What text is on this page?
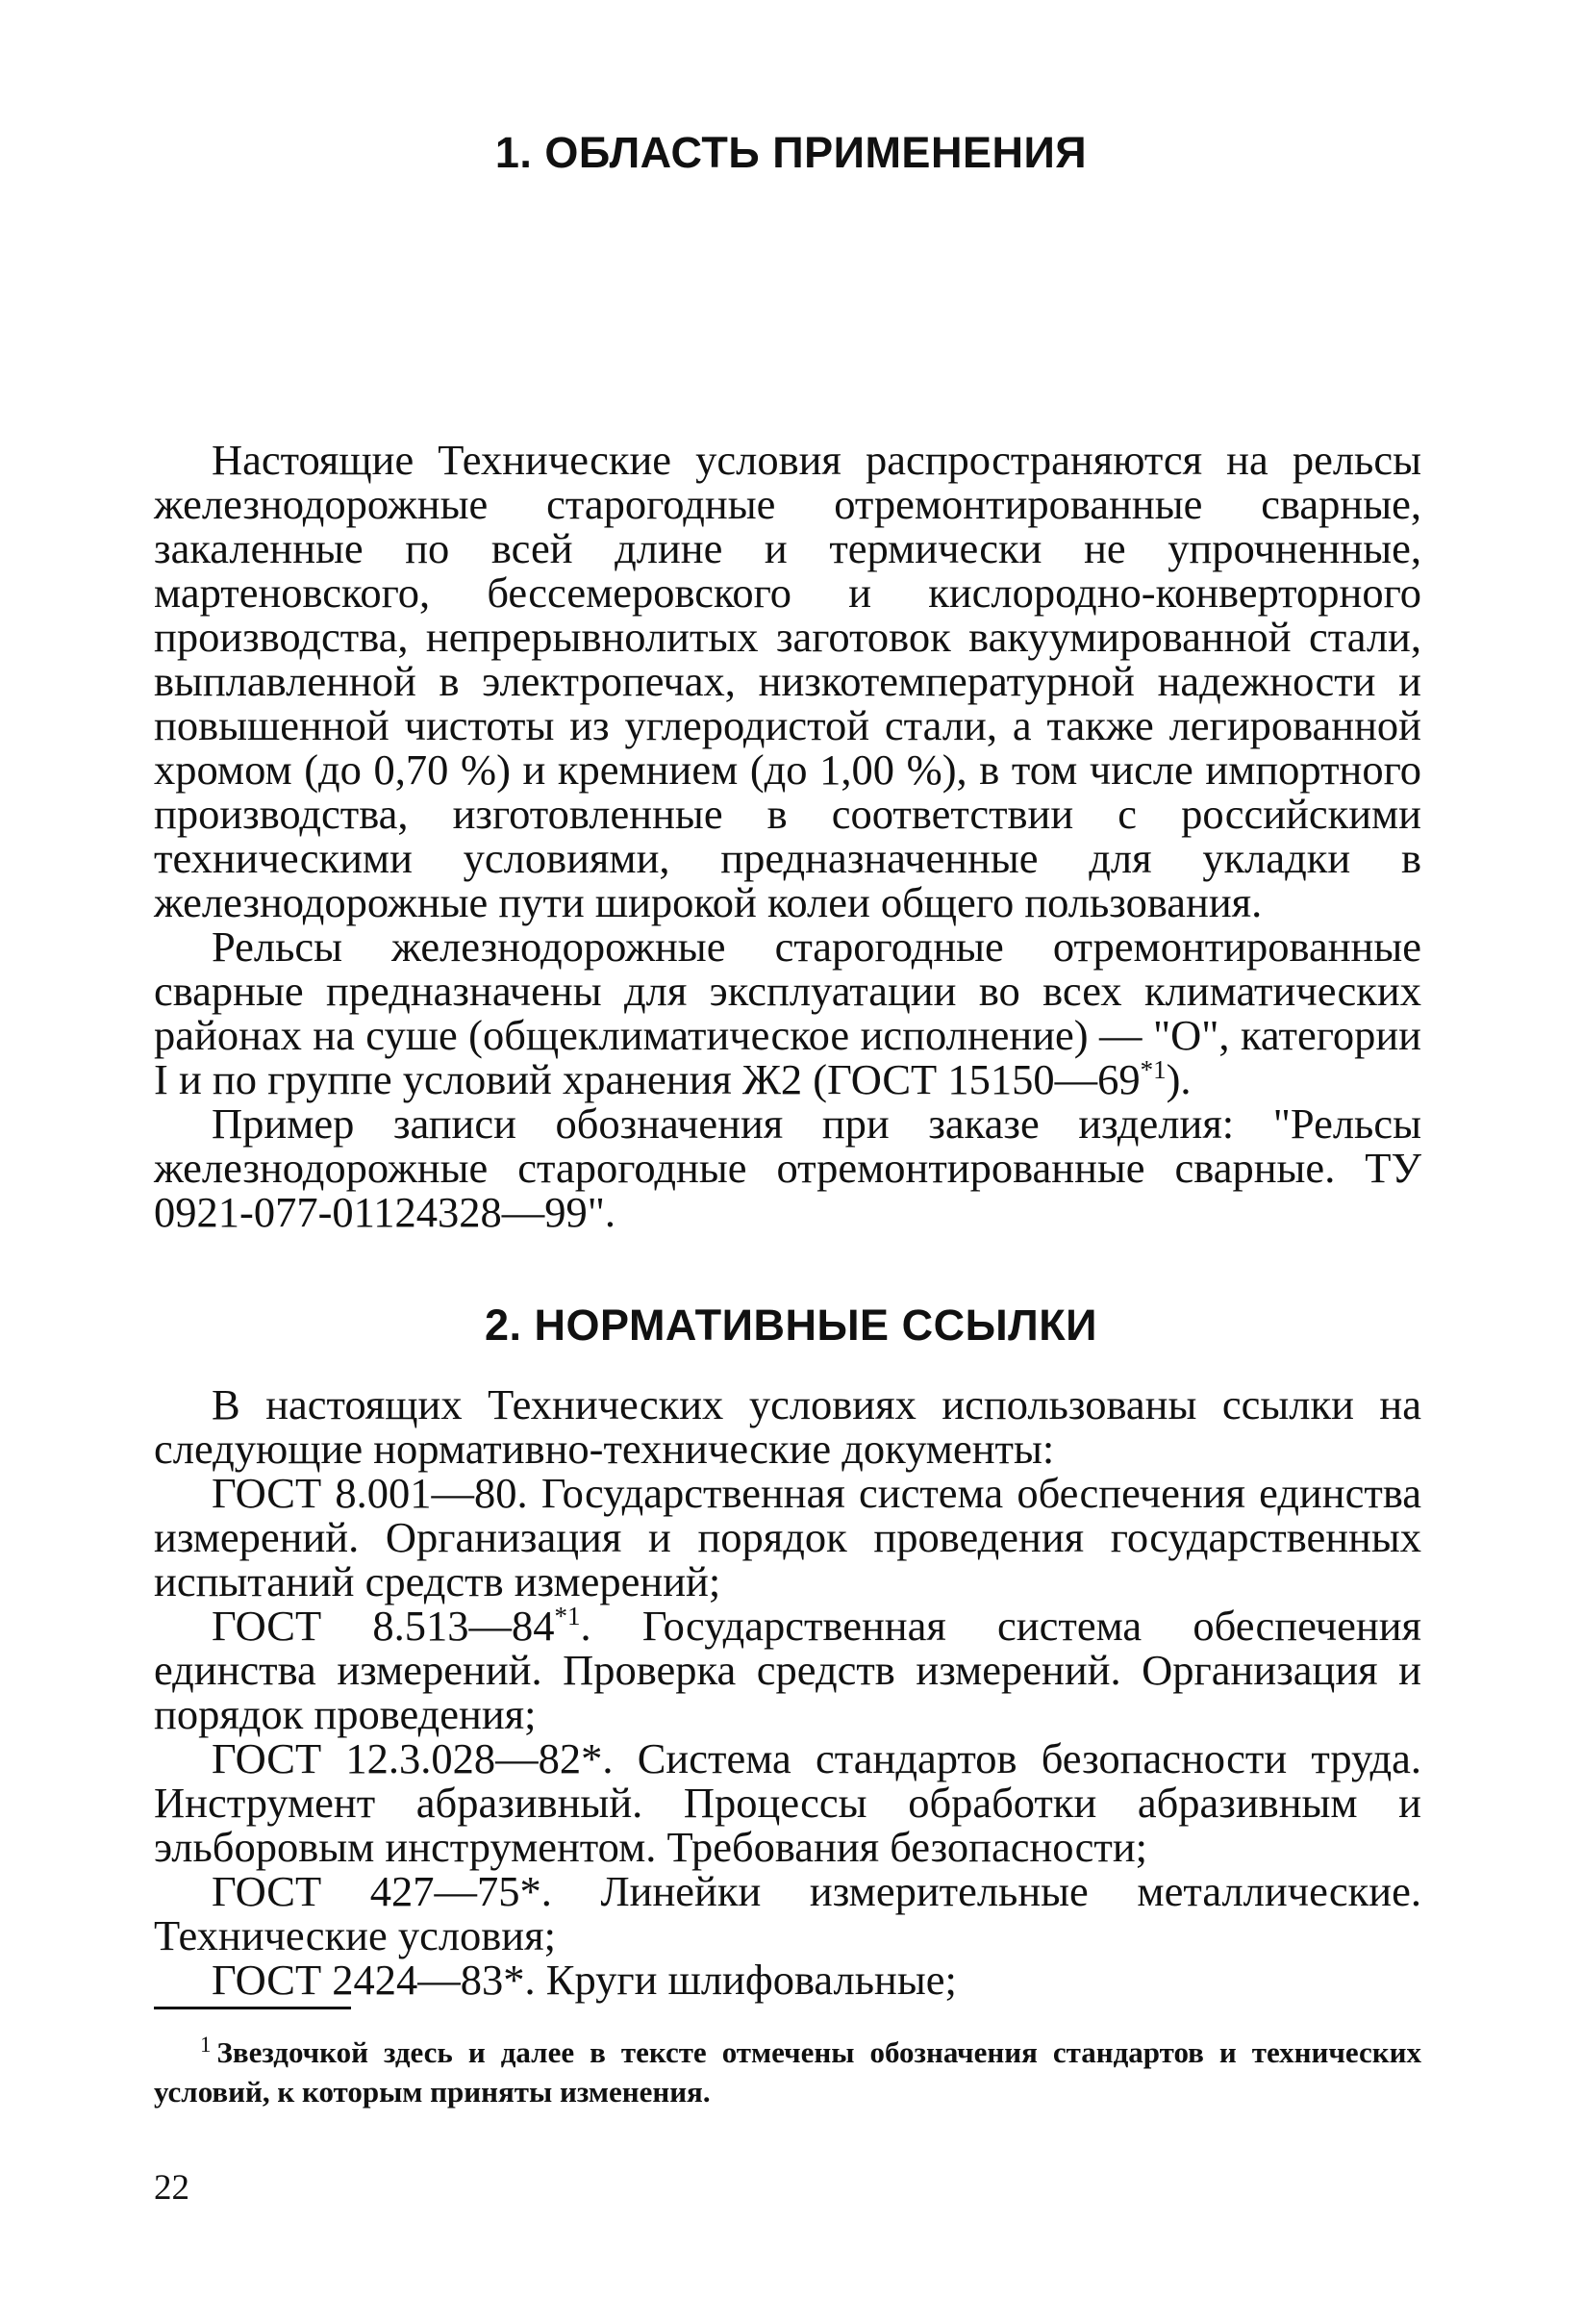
1. ОБЛАСТЬ ПРИМЕНЕНИЯ

Настоящие Технические условия распространяются на рельсы железнодорожные старогодные отремонтированные сварные, закаленные по всей длине и термически не упрочненные, мартеновского, бессемеровского и кислородно-конверторного производства, непрерывнолитых заготовок вакуумированной стали, выплавленной в электропечах, низкотемпературной надежности и повышенной чистоты из углеродистой стали, а также легированной хромом (до 0,70 %) и кремнием (до 1,00 %), в том числе импортного производства, изготовленные в соответствии с российскими техническими условиями, предназначенные для укладки в железнодорожные пути широкой колеи общего пользования.

Рельсы железнодорожные старогодные отремонтированные сварные предназначены для эксплуатации во всех климатических районах на суше (общеклиматическое исполнение) — "О", категории I и по группе условий хранения Ж2 (ГОСТ 15150—69$^{*1}$).

Пример записи обозначения при заказе изделия: "Рельсы железнодорожные старогодные отремонтированные сварные. ТУ 0921-077-01124328—99".

2. НОРМАТИВНЫЕ ССЫЛКИ

В настоящих Технических условиях использованы ссылки на следующие нормативно-технические документы:

ГОСТ 8.001—80. Государственная система обеспечения единства измерений. Организация и порядок проведения государственных испытаний средств измерений;

ГОСТ 8.513—84$^{*1}$. Государственная система обеспечения единства измерений. Проверка средств измерений. Организация и порядок проведения;

ГОСТ 12.3.028—82*. Система стандартов безопасности труда. Инструмент абразивный. Процессы обработки абразивным и эльборовым инструментом. Требования безопасности;

ГОСТ 427—75*. Линейки измерительные металлические. Технические условия;

ГОСТ 2424—83*. Круги шлифовальные;

$^1$ Звездочкой здесь и далее в тексте отмечены обозначения стандартов и технических условий, к которым приняты изменения.
22
